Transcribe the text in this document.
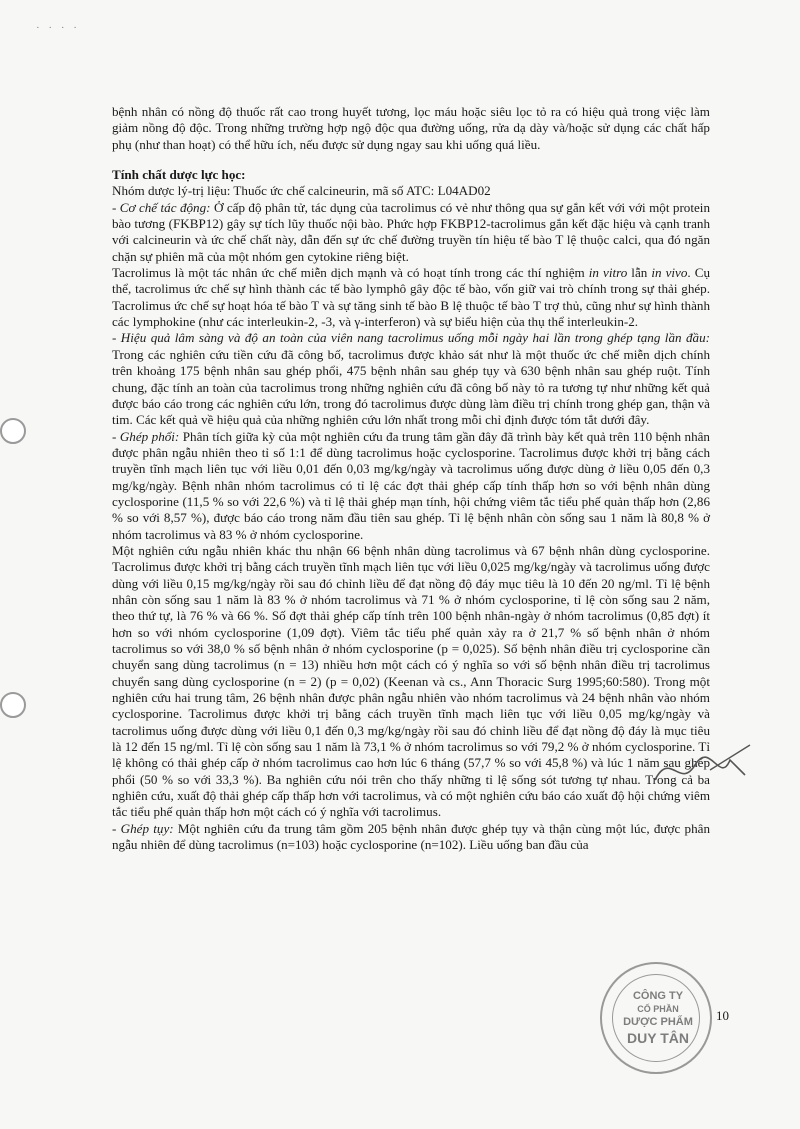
· · · ·

bệnh nhân có nồng độ thuốc rất cao trong huyết tương, lọc máu hoặc siêu lọc tỏ ra có hiệu quả trong việc làm giảm nồng độ độc. Trong những trường hợp ngộ độc qua đường uống, rửa dạ dày và/hoặc sử dụng các chất hấp phụ (như than hoạt) có thể hữu ích, nếu được sử dụng ngay sau khi uống quá liều.

Tính chất dược lực học:

Nhóm dược lý-trị liệu: Thuốc ức chế calcineurin, mã số ATC: L04AD02

- Cơ chế tác động: Ở cấp độ phân tử, tác dụng của tacrolimus có vẻ như thông qua sự gắn kết với với một protein bào tương (FKBP12) gây sự tích lũy thuốc nội bào. Phức hợp FKBP12-tacrolimus gắn kết đặc hiệu và cạnh tranh với calcineurin và ức chế chất này, dẫn đến sự ức chế đường truyền tín hiệu tế bào T lệ thuộc calci, qua đó ngăn chặn sự phiên mã của một nhóm gen cytokine riêng biệt.

Tacrolimus là một tác nhân ức chế miễn dịch mạnh và có hoạt tính trong các thí nghiệm in vitro lẫn in vivo. Cụ thể, tacrolimus ức chế sự hình thành các tế bào lymphô gây độc tế bào, vốn giữ vai trò chính trong sự thải ghép. Tacrolimus ức chế sự hoạt hóa tế bào T và sự tăng sinh tế bào B lệ thuộc tế bào T trợ thủ, cũng như sự hình thành các lymphokine (như các interleukin-2, -3, và γ-interferon) và sự biểu hiện của thụ thể interleukin-2.

- Hiệu quả lâm sàng và độ an toàn của viên nang tacrolimus uống mỗi ngày hai lần trong ghép tạng lần đầu: Trong các nghiên cứu tiền cứu đã công bố, tacrolimus được khảo sát như là một thuốc ức chế miễn dịch chính trên khoảng 175 bệnh nhân sau ghép phổi, 475 bệnh nhân sau ghép tụy và 630 bệnh nhân sau ghép ruột. Tính chung, đặc tính an toàn của tacrolimus trong những nghiên cứu đã công bố này tỏ ra tương tự như những kết quả được báo cáo trong các nghiên cứu lớn, trong đó tacrolimus được dùng làm điều trị chính trong ghép gan, thận và tim. Các kết quả về hiệu quả của những nghiên cứu lớn nhất trong mỗi chỉ định được tóm tắt dưới đây.

- Ghép phổi: Phân tích giữa kỳ của một nghiên cứu đa trung tâm gần đây đã trình bày kết quả trên 110 bệnh nhân được phân ngẫu nhiên theo tỉ số 1:1 để dùng tacrolimus hoặc cyclosporine. Tacrolimus được khởi trị bằng cách truyền tĩnh mạch liên tục với liều 0,01 đến 0,03 mg/kg/ngày và tacrolimus uống được dùng ở liều 0,05 đến 0,3 mg/kg/ngày. Bệnh nhân nhóm tacrolimus có tỉ lệ các đợt thải ghép cấp tính thấp hơn so với bệnh nhân dùng cyclosporine (11,5 % so với 22,6 %) và tỉ lệ thải ghép mạn tính, hội chứng viêm tắc tiểu phế quản thấp hơn (2,86 % so với 8,57 %), được báo cáo trong năm đầu tiên sau ghép. Tỉ lệ bệnh nhân còn sống sau 1 năm là 80,8 % ở nhóm tacrolimus và 83 % ở nhóm cyclosporine.

Một nghiên cứu ngẫu nhiên khác thu nhận 66 bệnh nhân dùng tacrolimus và 67 bệnh nhân dùng cyclosporine. Tacrolimus được khởi trị bằng cách truyền tĩnh mạch liên tục với liều 0,025 mg/kg/ngày và tacrolimus uống được dùng với liều 0,15 mg/kg/ngày rồi sau đó chỉnh liều để đạt nồng độ đáy mục tiêu là 10 đến 20 ng/ml. Tỉ lệ bệnh nhân còn sống sau 1 năm là 83 % ở nhóm tacrolimus và 71 % ở nhóm cyclosporine, tỉ lệ còn sống sau 2 năm, theo thứ tự, là 76 % và 66 %. Số đợt thải ghép cấp tính trên 100 bệnh nhân-ngày ở nhóm tacrolimus (0,85 đợt) ít hơn so với nhóm cyclosporine (1,09 đợt). Viêm tắc tiểu phế quản xảy ra ở 21,7 % số bệnh nhân ở nhóm tacrolimus so với 38,0 % số bệnh nhân ở nhóm cyclosporine (p = 0,025). Số bệnh nhân điều trị cyclosporine cần chuyển sang dùng tacrolimus (n = 13) nhiều hơn một cách có ý nghĩa so với số bệnh nhân điều trị tacrolimus chuyển sang dùng cyclosporine (n = 2) (p = 0,02) (Keenan và cs., Ann Thoracic Surg 1995;60:580). Trong một nghiên cứu hai trung tâm, 26 bệnh nhân được phân ngẫu nhiên vào nhóm tacrolimus và 24 bệnh nhân vào nhóm cyclosporine. Tacrolimus được khởi trị bằng cách truyền tĩnh mạch liên tục với liều 0,05 mg/kg/ngày và tacrolimus uống được dùng với liều 0,1 đến 0,3 mg/kg/ngày rồi sau đó chỉnh liều để đạt nồng độ đáy là mục tiêu là 12 đến 15 ng/ml. Tỉ lệ còn sống sau 1 năm là 73,1 % ở nhóm tacrolimus so với 79,2 % ở nhóm cyclosporine. Tỉ lệ không có thải ghép cấp ở nhóm tacrolimus cao hơn lúc 6 tháng (57,7 % so với 45,8 %) và lúc 1 năm sau ghép phổi (50 % so với 33,3 %). Ba nghiên cứu nói trên cho thấy những tỉ lệ sống sót tương tự nhau. Trong cả ba nghiên cứu, xuất độ thải ghép cấp thấp hơn với tacrolimus, và có một nghiên cứu báo cáo xuất độ hội chứng viêm tắc tiểu phế quản thấp hơn một cách có ý nghĩa với tacrolimus.

- Ghép tụy: Một nghiên cứu đa trung tâm gồm 205 bệnh nhân được ghép tụy và thận cùng một lúc, được phân ngẫu nhiên để dùng tacrolimus (n=103) hoặc cyclosporine (n=102). Liều uống ban đầu của

CÔNG TY
CỔ PHẦN
DƯỢC PHẨM
DUY TÂN
10
